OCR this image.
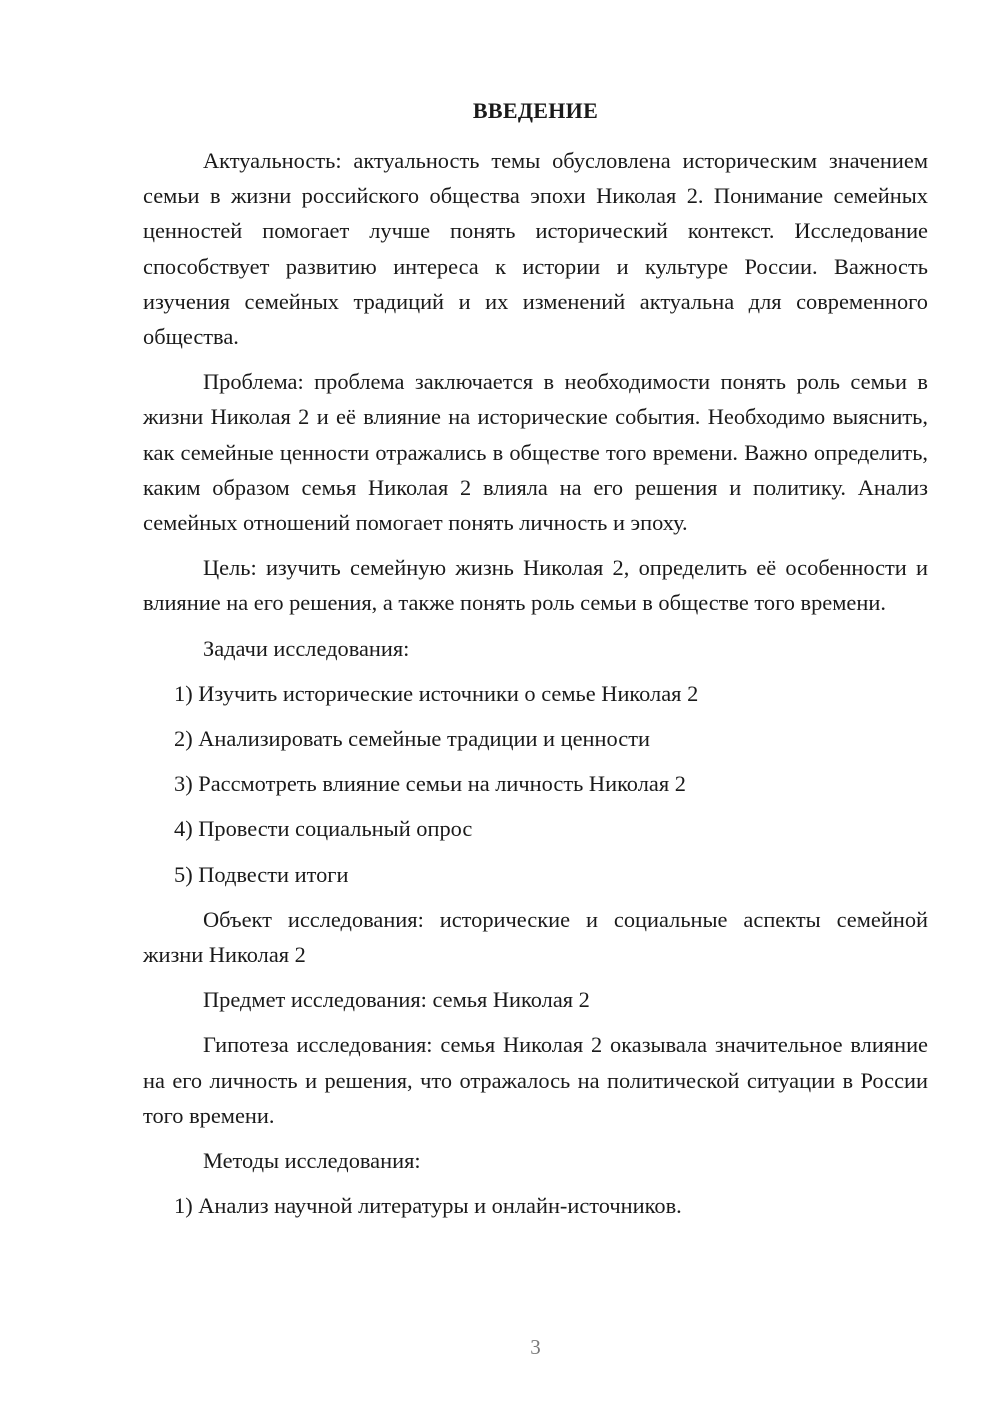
ВВЕДЕНИЕ

Актуальность: актуальность темы обусловлена историческим значением семьи в жизни российского общества эпохи Николая 2. Понимание семейных ценностей помогает лучше понять исторический контекст. Исследование способствует развитию интереса к истории и культуре России. Важность изучения семейных традиций и их изменений актуальна для современного общества.

Проблема: проблема заключается в необходимости понять роль семьи в жизни Николая 2 и её влияние на исторические события. Необходимо выяснить, как семейные ценности отражались в обществе того времени. Важно определить, каким образом семья Николая 2 влияла на его решения и политику. Анализ семейных отношений помогает понять личность и эпоху.

Цель: изучить семейную жизнь Николая 2, определить её особенности и влияние на его решения, а также понять роль семьи в обществе того времени.

Задачи исследования:

1) Изучить исторические источники о семье Николая 2

2) Анализировать семейные традиции и ценности

3) Рассмотреть влияние семьи на личность Николая 2

4) Провести социальный опрос

5) Подвести итоги

Объект исследования: исторические и социальные аспекты семейной жизни Николая 2

Предмет исследования: семья Николая 2

Гипотеза исследования: семья Николая 2 оказывала значительное влияние на его личность и решения, что отражалось на политической ситуации в России того времени.

Методы исследования:

1) Анализ научной литературы и онлайн-источников.

3
